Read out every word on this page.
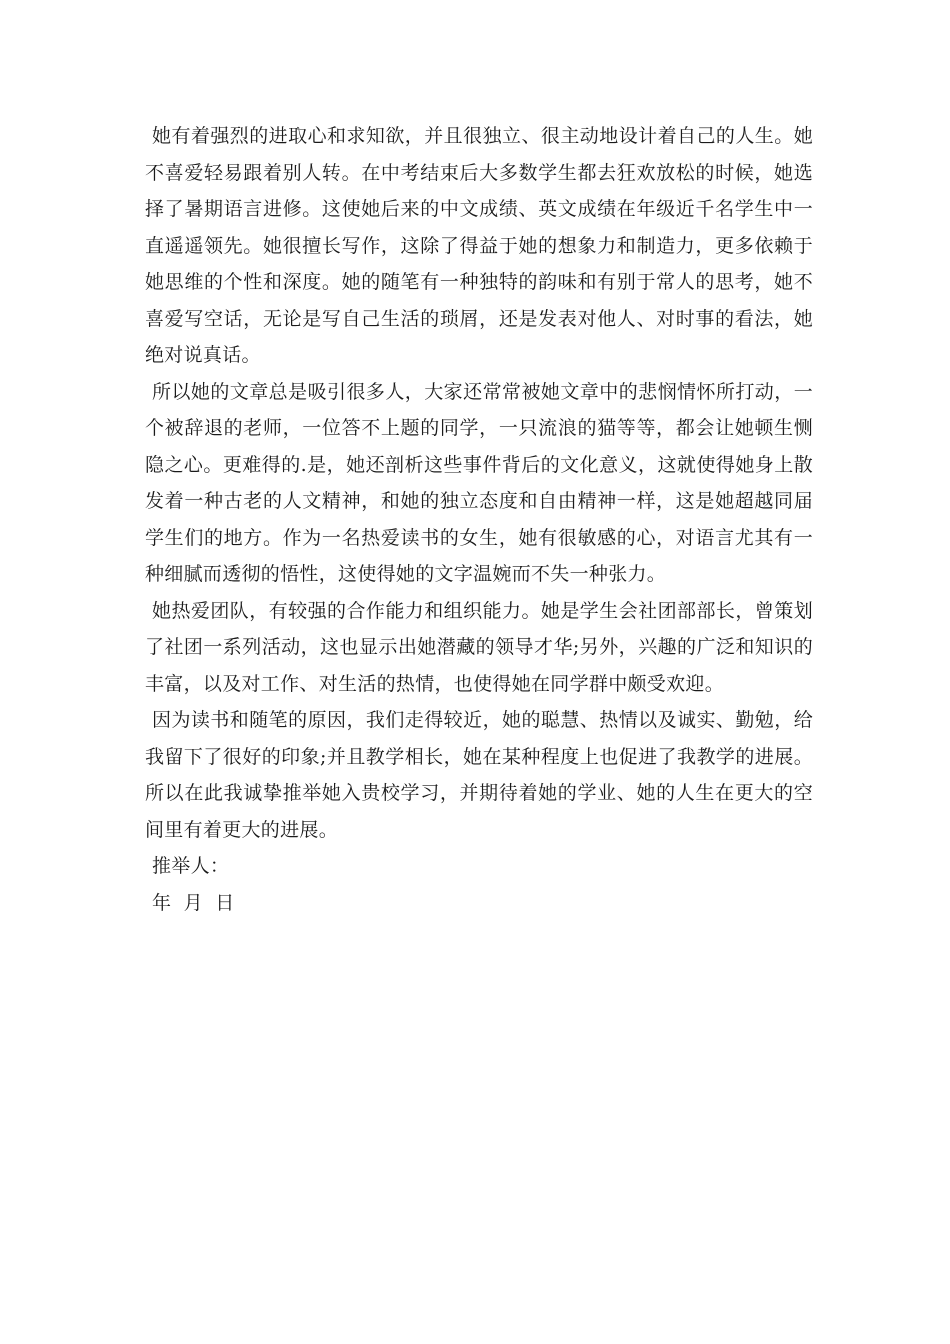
她有着强烈的进取心和求知欲，并且很独立、很主动地设计着自己的人生。她不喜爱轻易跟着别人转。在中考结束后大多数学生都去狂欢放松的时候，她选择了暑期语言进修。这使她后来的中文成绩、英文成绩在年级近千名学生中一直遥遥领先。她很擅长写作，这除了得益于她的想象力和制造力，更多依赖于她思维的个性和深度。她的随笔有一种独特的韵味和有别于常人的思考，她不喜爱写空话，无论是写自己生活的琐屑，还是发表对他人、对时事的看法，她绝对说真话。

所以她的文章总是吸引很多人，大家还常常被她文章中的悲悯情怀所打动，一个被辞退的老师，一位答不上题的同学，一只流浪的猫等等，都会让她顿生恻隐之心。更难得的.是，她还剖析这些事件背后的文化意义，这就使得她身上散发着一种古老的人文精神，和她的独立态度和自由精神一样，这是她超越同届学生们的地方。作为一名热爱读书的女生，她有很敏感的心，对语言尤其有一种细腻而透彻的悟性，这使得她的文字温婉而不失一种张力。

她热爱团队，有较强的合作能力和组织能力。她是学生会社团部部长，曾策划了社团一系列活动，这也显示出她潜藏的领导才华;另外，兴趣的广泛和知识的丰富，以及对工作、对生活的热情，也使得她在同学群中颇受欢迎。

因为读书和随笔的原因，我们走得较近，她的聪慧、热情以及诚实、勤勉，给我留下了很好的印象;并且教学相长，她在某种程度上也促进了我教学的进展。所以在此我诚挚推举她入贵校学习，并期待着她的学业、她的人生在更大的空间里有着更大的进展。

推举人：

年 月 日
